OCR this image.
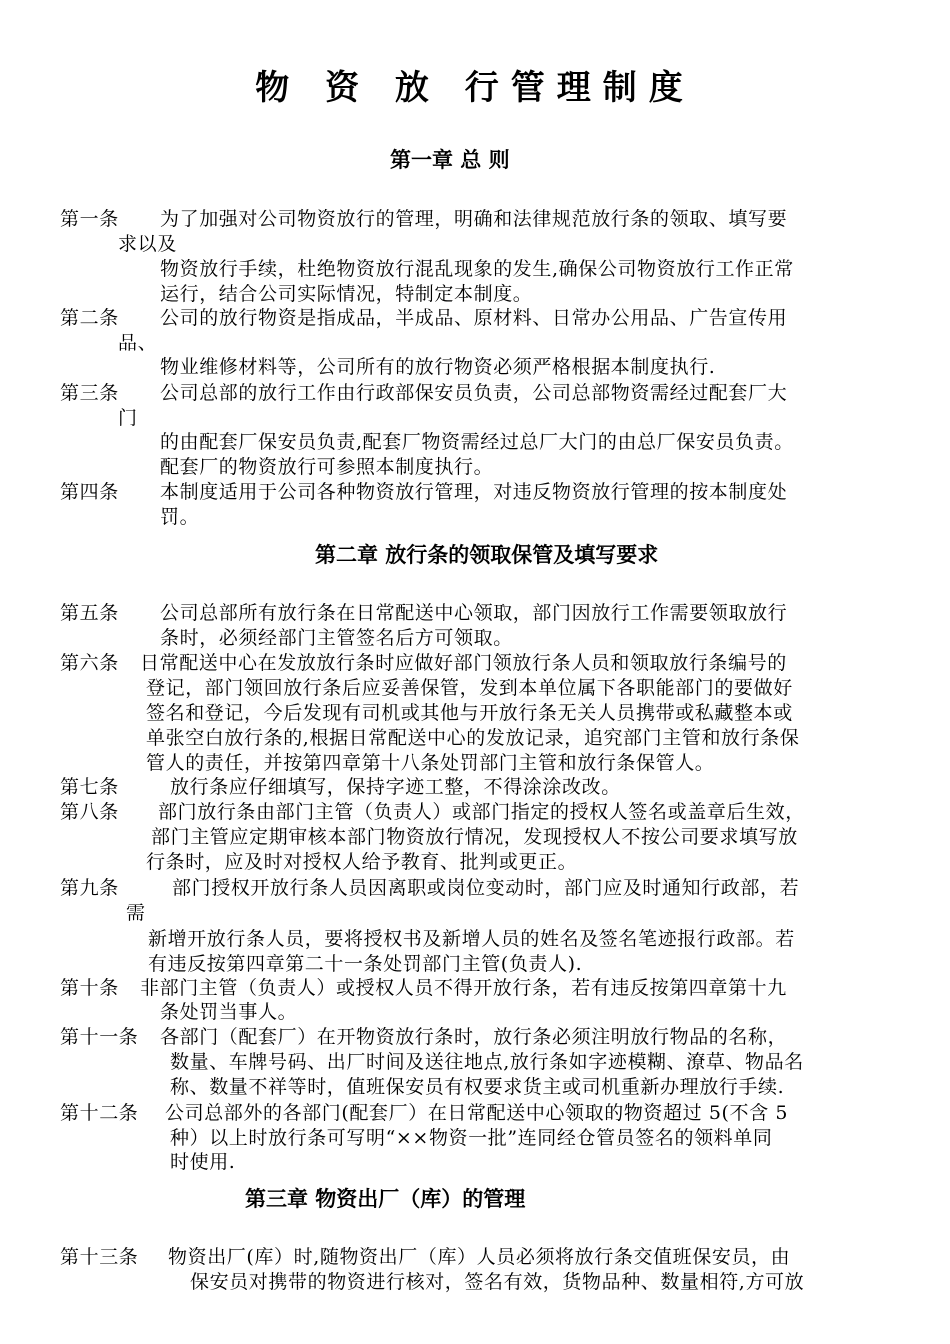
物 资 放 行管理制度
第一章 总 则
第一条 为了加强对公司物资放行的管理，明确和法律规范放行条的领取、填写要
求以及
物资放行手续，杜绝物资放行混乱现象的发生,确保公司物资放行工作正常
运行，结合公司实际情况，特制定本制度。
第二条 公司的放行物资是指成品，半成品、原材料、日常办公用品、广告宣传用
品、
物业维修材料等，公司所有的放行物资必须严格根据本制度执行.
第三条 公司总部的放行工作由行政部保安员负责，公司总部物资需经过配套厂大
门
的由配套厂保安员负责,配套厂物资需经过总厂大门的由总厂保安员负责。
配套厂的物资放行可参照本制度执行。
第四条 本制度适用于公司各种物资放行管理，对违反物资放行管理的按本制度处
罚。
第二章 放行条的领取保管及填写要求
第五条 公司总部所有放行条在日常配送中心领取，部门因放行工作需要领取放行
条时，必须经部门主管签名后方可领取。
第六条 日常配送中心在发放放行条时应做好部门领放行条人员和领取放行条编号的
登记，部门领回放行条后应妥善保管，发到本单位属下各职能部门的要做好
签名和登记，今后发现有司机或其他与开放行条无关人员携带或私藏整本或
单张空白放行条的,根据日常配送中心的发放记录，追究部门主管和放行条保
管人的责任，并按第四章第十八条处罚部门主管和放行条保管人。
第七条	放行条应仔细填写，保持字迹工整，不得涂涂改改。
第八条 部门放行条由部门主管（负责人）或部门指定的授权人签名或盖章后生效，
部门主管应定期审核本部门物资放行情况，发现授权人不按公司要求填写放
行条时，应及时对授权人给予教育、批判或更正。
第九条	部门授权开放行条人员因离职或岗位变动时，部门应及时通知行政部，若
需
新增开放行条人员，要将授权书及新增人员的姓名及签名笔迹报行政部。若
有违反按第四章第二十一条处罚部门主管(负责人).
第十条 非部门主管（负责人）或授权人员不得开放行条，若有违反按第四章第十九
条处罚当事人。
第十一条 各部门（配套厂）在开物资放行条时，放行条必须注明放行物品的名称，
数量、车牌号码、出厂时间及送往地点,放行条如字迹模糊、潦草、物品名
称、数量不祥等时，值班保安员有权要求货主或司机重新办理放行手续.
第十二条 公司总部外的各部门(配套厂）在日常配送中心领取的物资超过 5(不含 5
种）以上时放行条可写明“××物资一批”连同经仓管员签名的领料单同
时使用.
第三章 物资出厂（库）的管理
第十三条 物资出厂(库）时,随物资出厂（库）人员必须将放行条交值班保安员，由
保安员对携带的物资进行核对，签名有效，货物品种、数量相符,方可放
